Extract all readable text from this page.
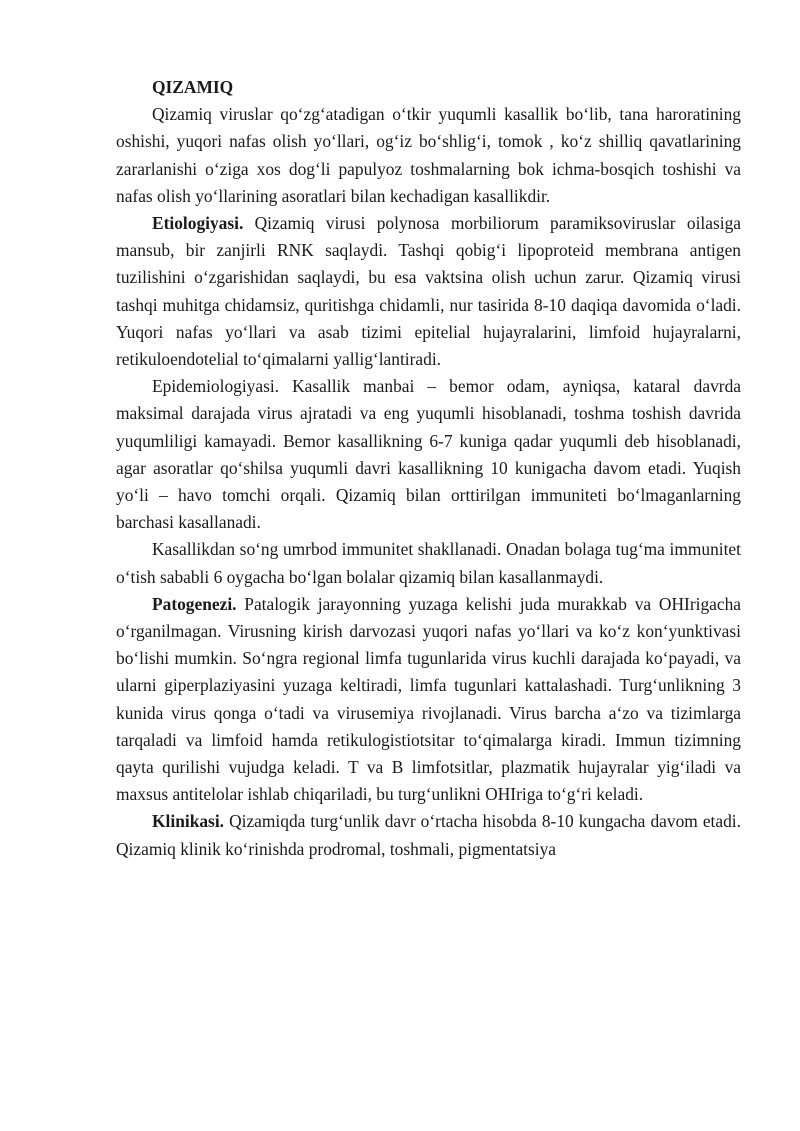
QIZAMIQ

Qizamiq viruslar qo‘zg‘atadigan o‘tkir yuqumli kasallik bo‘lib, tana haroratining oshishi, yuqori nafas olish yo‘llari, og‘iz bo‘shlig‘i, tomok , ko‘z shilliq qavatlarining zararlanishi o‘ziga xos dog‘li papulyoz toshmalarning bok ichma-bosqich toshishi va nafas olish yo‘llarining asoratlari bilan kechadigan kasallikdir.

Etiologiyasi. Qizamiq virusi polynosa morbiliorum paramiksoviruslar oilasiga mansub, bir zanjirli RNK saqlaydi. Tashqi qobig‘i lipoproteid membrana antigen tuzilishini o‘zgarishidan saqlaydi, bu esa vaktsina olish uchun zarur. Qizamiq virusi tashqi muhitga chidamsiz, quritishga chidamli, nur tasirida 8-10 daqiqa davomida o‘ladi. Yuqori nafas yo‘llari va asab tizimi epitelial hujayralarini, limfoid hujayralarni, retikuloendotelial to‘qimalarni yallig‘lantiradi.

Epidemiologiyasi. Kasallik manbai – bemor odam, ayniqsa, kataral davrda maksimal darajada virus ajratadi va eng yuqumli hisoblanadi, toshma toshish davrida yuqumliligi kamayadi. Bemor kasallikning 6-7 kuniga qadar yuqumli deb hisoblanadi, agar asoratlar qo‘shilsa yuqumli davri kasallikning 10 kunigacha davom etadi. Yuqish yo‘li – havo tomchi orqali. Qizamiq bilan orttirilgan immuniteti bo‘lmaganlarning barchasi kasallanadi.

Kasallikdan so‘ng umrbod immunitet shakllanadi. Onadan bolaga tug‘ma immunitet o‘tish sababli 6 oygacha bo‘lgan bolalar qizamiq bilan kasallanmaydi.

Patogenezi. Patalogik jarayonning yuzaga kelishi juda murakkab va OHIrigacha o‘rganilmagan. Virusning kirish darvozasi yuqori nafas yo‘llari va ko‘z kon‘yunktivasi bo‘lishi mumkin. So‘ngra regional limfa tugunlarida virus kuchli darajada ko‘payadi, va ularni giperplaziyasini yuzaga keltiradi, limfa tugunlari kattalashadi. Turg‘unlikning 3 kunida virus qonga o‘tadi va virusemiya rivojlanadi. Virus barcha a‘zo va tizimlarga tarqaladi va limfoid hamda retikulogistiotsitar to‘qimalarga kiradi. Immun tizimning qayta qurilishi vujudga keladi. T va B limfotsitlar, plazmatik hujayralar yig‘iladi va maxsus antitelolar ishlab chiqariladi, bu turg‘unlikni OHIriga to‘g‘ri keladi.

Klinikasi. Qizamiqda turg‘unlik davr o‘rtacha hisobda 8-10 kungacha davom etadi. Qizamiq klinik ko‘rinishda prodromal, toshmali, pigmentatsiya
